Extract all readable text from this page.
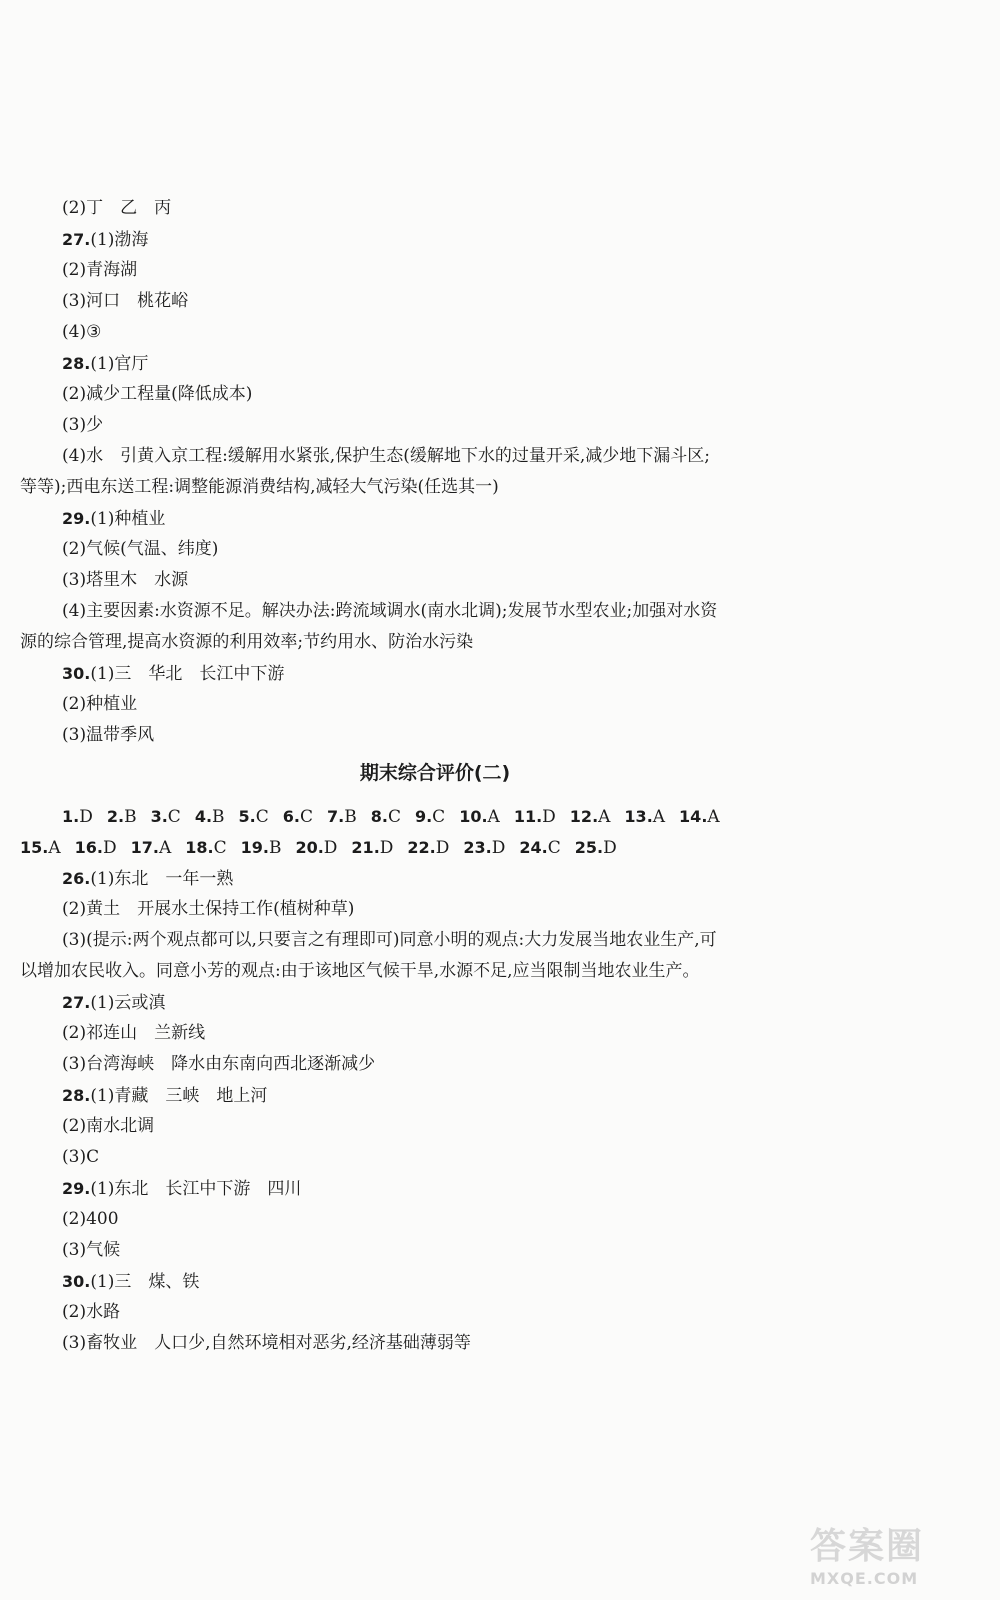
(2)丁　乙　丙
27.(1)渤海
(2)青海湖
(3)河口　桃花峪
(4)③
28.(1)官厅
(2)减少工程量(降低成本)
(3)少
(4)水　引黄入京工程:缓解用水紧张,保护生态(缓解地下水的过量开采,减少地下漏斗区;
等等);西电东送工程:调整能源消费结构,减轻大气污染(任选其一)
29.(1)种植业
(2)气候(气温、纬度)
(3)塔里木　水源
(4)主要因素:水资源不足。解决办法:跨流域调水(南水北调);发展节水型农业;加强对水资
源的综合管理,提高水资源的利用效率;节约用水、防治水污染
30.(1)三　华北　长江中下游
(2)种植业
(3)温带季风
期末综合评价(二)
1.D 2.B 3.C 4.B 5.C 6.C 7.B 8.C 9.C 10.A 11.D 12.A 13.A 14.A
15.A 16.D 17.A 18.C 19.B 20.D 21.D 22.D 23.D 24.C 25.D
26.(1)东北　一年一熟
(2)黄土　开展水土保持工作(植树种草)
(3)(提示:两个观点都可以,只要言之有理即可)同意小明的观点:大力发展当地农业生产,可
以增加农民收入。同意小芳的观点:由于该地区气候干旱,水源不足,应当限制当地农业生产。
27.(1)云或滇
(2)祁连山　兰新线
(3)台湾海峡　降水由东南向西北逐渐减少
28.(1)青藏　三峡　地上河
(2)南水北调
(3)C
29.(1)东北　长江中下游　四川
(2)400
(3)气候
30.(1)三　煤、铁
(2)水路
(3)畜牧业　人口少,自然环境相对恶劣,经济基础薄弱等
答案圈
MXQE.COM
